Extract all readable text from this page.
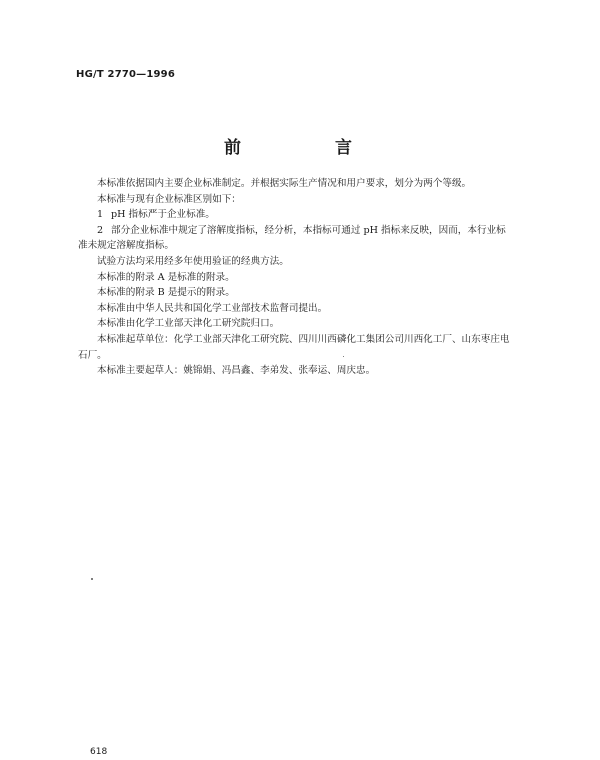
HG/T 2770—1996
前 言

本标准依据国内主要企业标准制定。并根据实际生产情况和用户要求，划分为两个等级。

本标准与现有企业标准区别如下：

1 pH 指标严于企业标准。

2 部分企业标准中规定了溶解度指标，经分析，本指标可通过 pH 指标来反映，因而，本行业标准未规定溶解度指标。

试验方法均采用经多年使用验证的经典方法。

本标准的附录 A 是标准的附录。

本标准的附录 B 是提示的附录。

本标准由中华人民共和国化学工业部技术监督司提出。

本标准由化学工业部天津化工研究院归口。

本标准起草单位：化学工业部天津化工研究院、四川川西磷化工集团公司川西化工厂、山东枣庄电石厂。

本标准主要起草人：姚锦娟、冯昌鑫、李弟发、张奉运、周庆忠。

618
